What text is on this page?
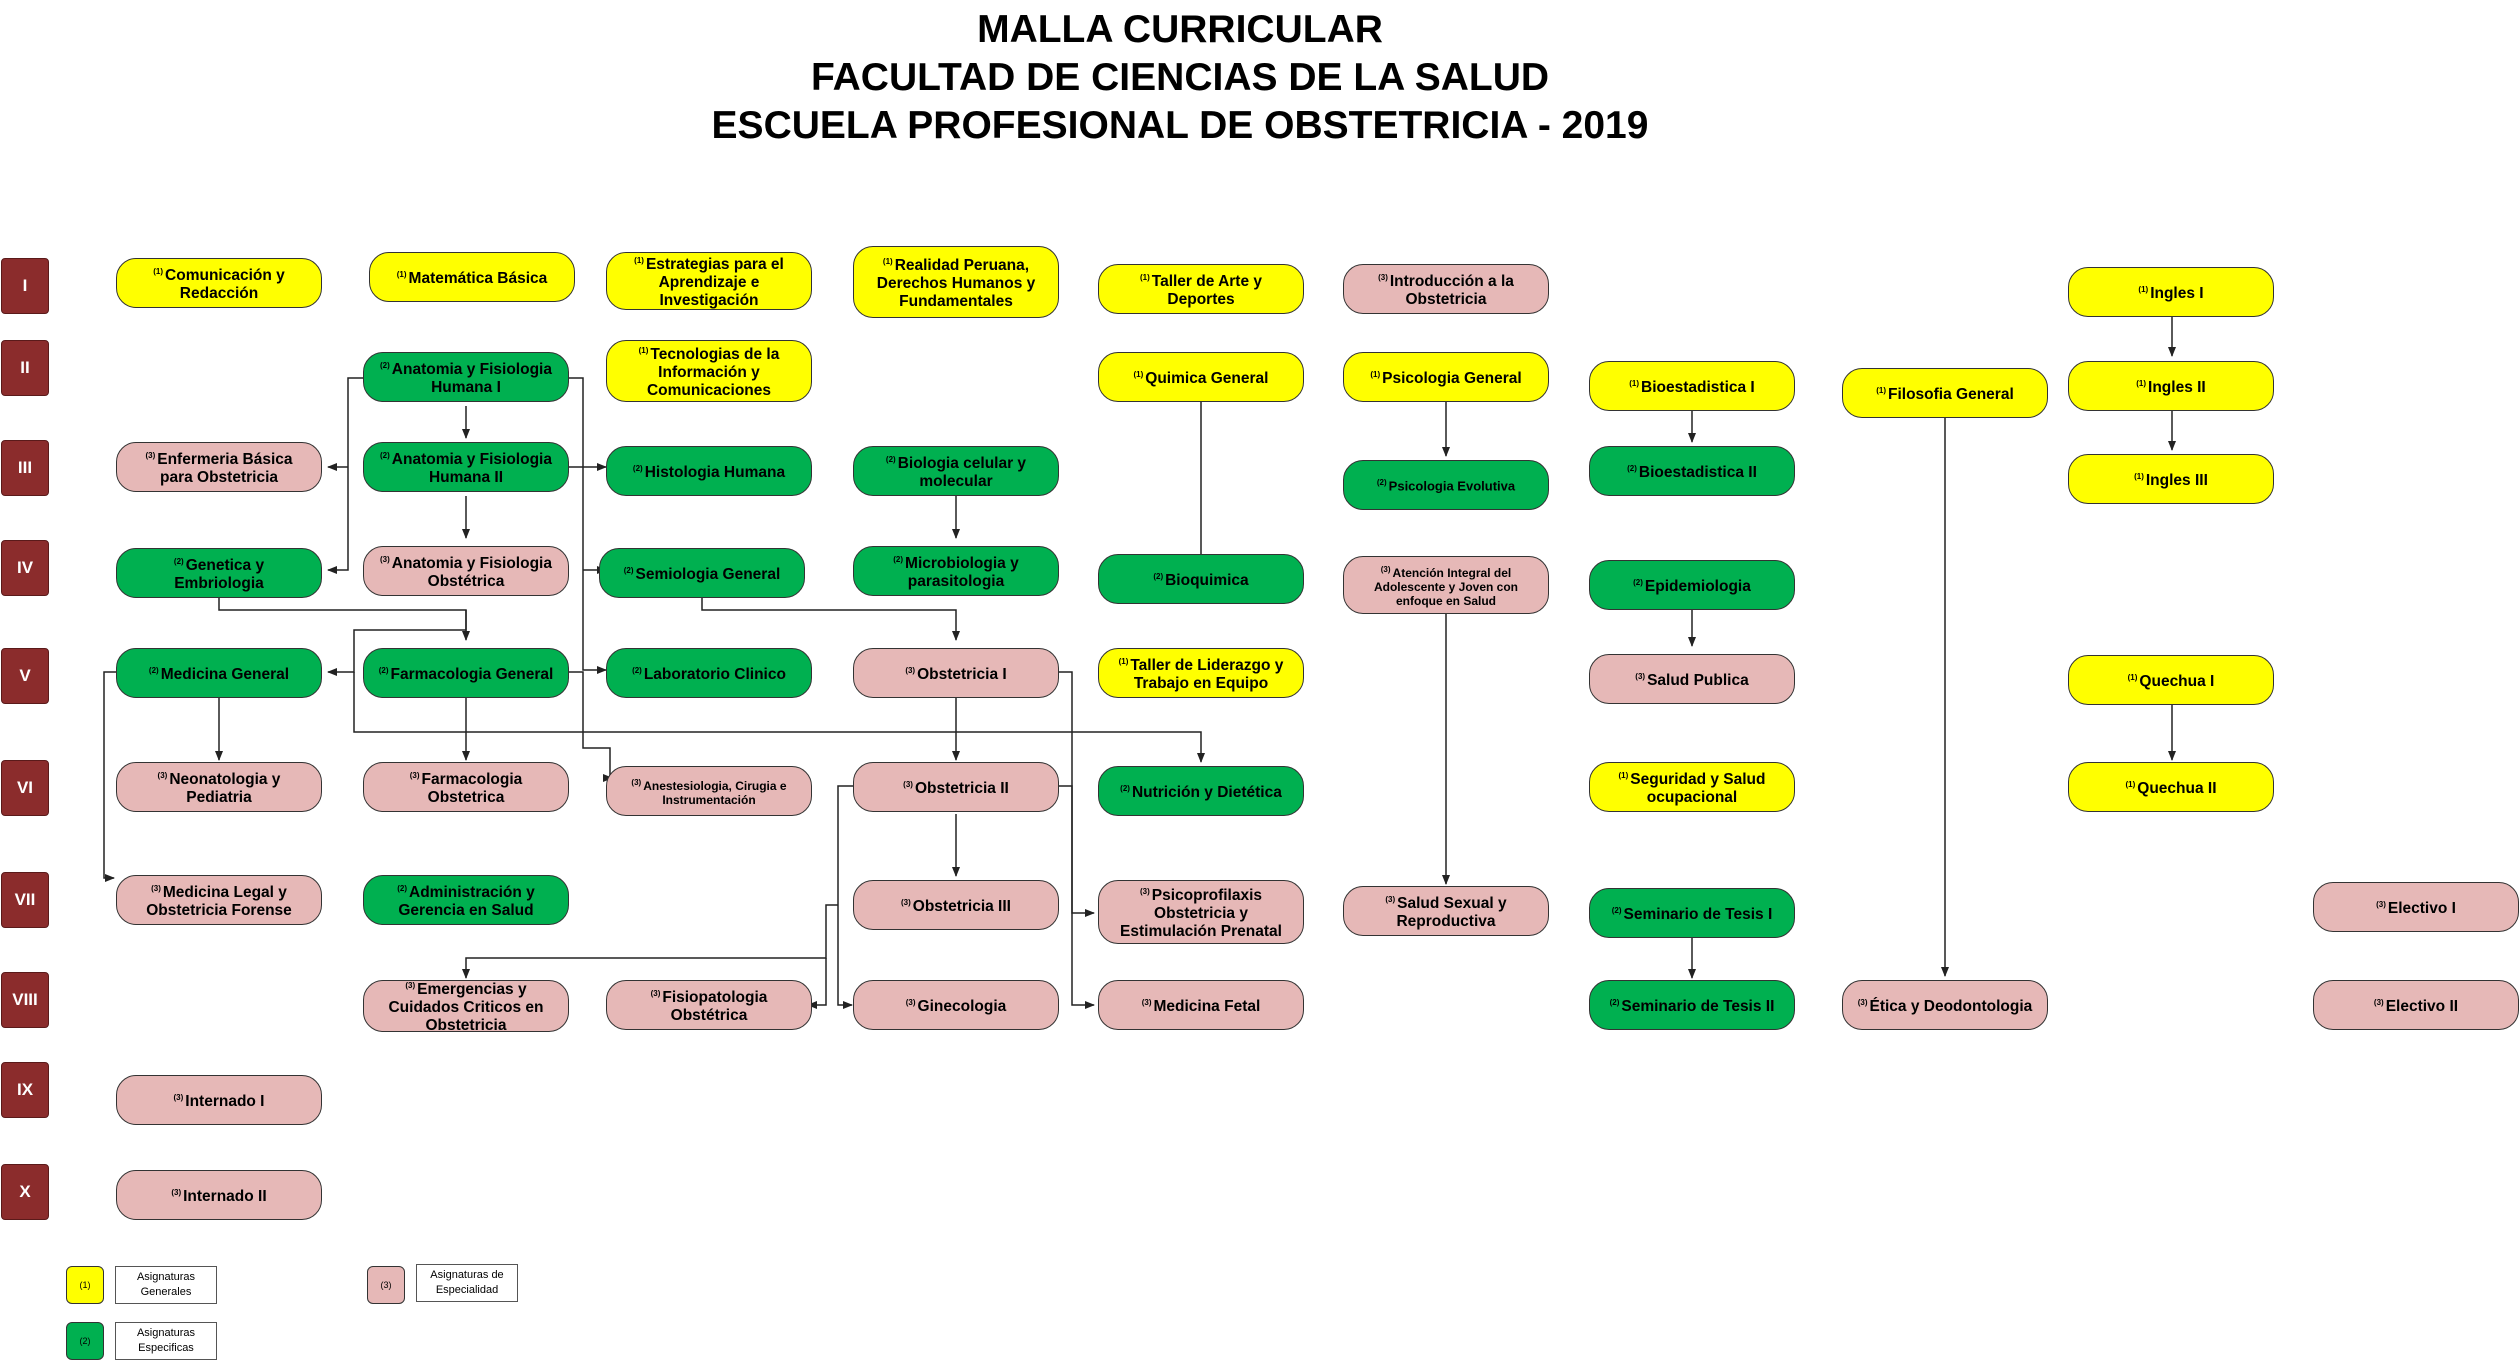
MALLA CURRICULAR
FACULTAD DE CIENCIAS DE LA SALUD
ESCUELA PROFESIONAL DE OBSTETRICIA - 2019
I
II
III
IV
V
VI
VII
VIII
IX
X
$^{(1)}$ Comunicación y Redacción
$^{(1)}$ Matemática Básica
$^{(1)}$ Estrategias para el Aprendizaje e Investigación
$^{(1)}$ Realidad Peruana, Derechos Humanos y Fundamentales
$^{(1)}$ Taller de Arte y Deportes
$^{(3)}$ Introducción a la Obstetricia
$^{(1)}$ Ingles I
$^{(2)}$ Anatomia y Fisiologia Humana I
$^{(1)}$ Tecnologias de la Información y Comunicaciones
$^{(1)}$ Quimica General	$^{(1)}$ Psicologia General	$^{(1)}$ Bioestadistica I	$^{(1)}$ Filosofia General
$^{(1)}$ Ingles II
$^{(3)}$ Enfermeria Básica para Obstetricia
$^{(2)}$ Anatomia y Fisiologia Humana II
$^{(2)}$ Histologia Humana
$^{(2)}$ Biologia celular y molecular	$^{(2)}$ Psicologia Evolutiva
$^{(2)}$ Bioestadistica II	$^{(1)}$ Ingles III
$^{(2)}$ Genetica y Embriologia
$^{(3)}$ Anatomia y Fisiologia Obstétrica
$^{(2)}$ Semiologia General
$^{(2)}$ Microbiologia y parasitologia	$^{(2)}$ Bioquimica
$^{(3)}$ Atención Integral del Adolescente y Joven con enfoque en Salud
$^{(2)}$ Epidemiologia
$^{(2)}$ Medicina General	$^{(2)}$ Farmacologia General	$^{(2)}$ Laboratorio Clinico	$^{(3)}$ Obstetricia I
$^{(1)}$ Taller de Liderazgo y Trabajo en Equipo	$^{(3)}$ Salud Publica	$^{(1)}$ Quechua I
$^{(3)}$ Neonatologia y Pediatria
$^{(3)}$ Farmacologia Obstetrica
$^{(3)}$ Anestesiologia, Cirugia e Instrumentación
$^{(3)}$ Obstetricia II	$^{(2)}$ Nutrición y Dietética
$^{(1)}$ Seguridad y Salud ocupacional
$^{(1)}$ Quechua II
$^{(3)}$ Medicina Legal y Obstetricia Forense
$^{(2)}$ Administración y Gerencia en Salud	$^{(3)}$ Obstetricia III
$^{(3)}$ Psicoprofilaxis Obstetricia y Estimulación Prenatal
$^{(3)}$ Salud Sexual y Reproductiva
$^{(2)}$ Seminario de Tesis I
$^{(3)}$ Electivo I
$^{(3)}$ Emergencias y Cuidados Criticos en Obstetricia
$^{(3)}$ Fisiopatologia Obstétrica
$^{(3)}$ Ginecologia	$^{(3)}$ Medicina Fetal	$^{(2)}$ Seminario de Tesis II	$^{(3)}$ Ética y Deodontologia	$^{(3)}$ Electivo II
$^{(3)}$ Internado I
$^{(3)}$ Internado II
(1)
Asignaturas Generales
(2)
Asignaturas Especificas
(3)
Asignaturas de Especialidad
